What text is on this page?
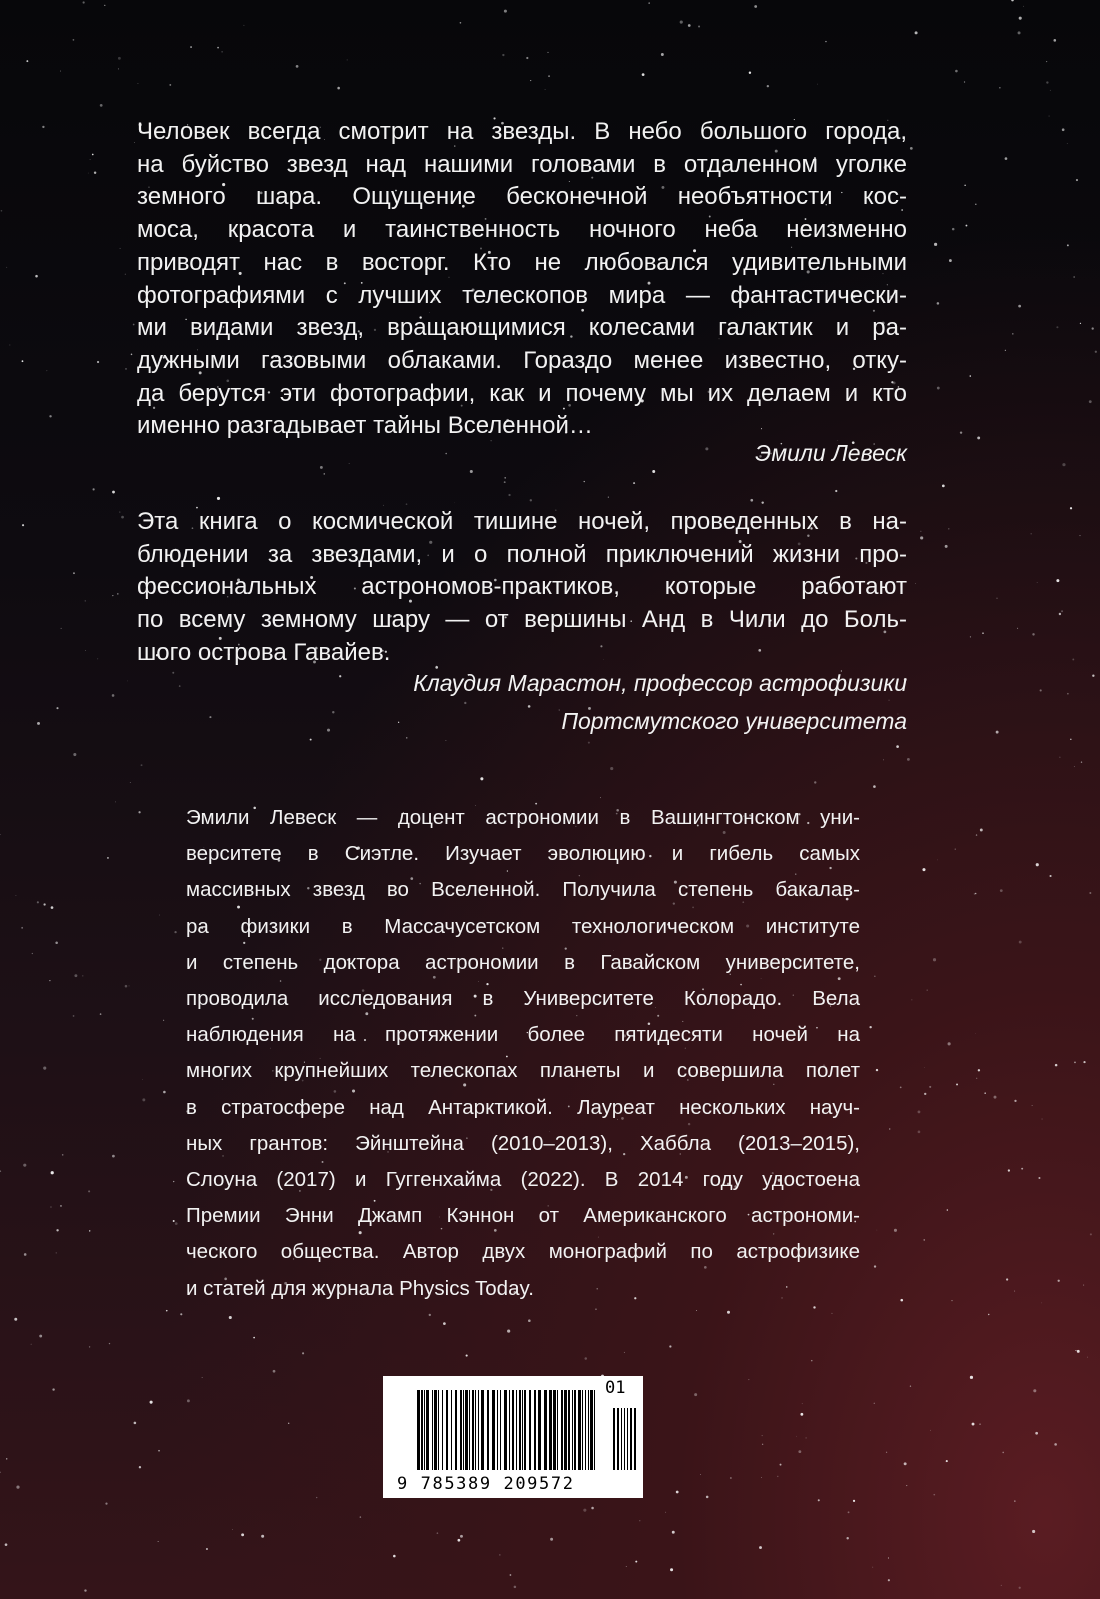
Человек всегда смотрит на звезды. В небо большого города,
на буйство звезд над нашими головами в отдаленном уголке
земного шара. Ощущение бесконечной необъятности кос-
моса, красота и таинственность ночного неба неизменно
приводят нас в восторг. Кто не любовался удивительными
фотографиями с лучших телескопов мира — фантастически-
ми видами звезд, вращающимися колесами галактик и ра-
дужными газовыми облаками. Гораздо менее известно, отку-
да берутся эти фотографии, как и почему мы их делаем и кто
именно разгадывает тайны Вселенной…
Эмили Левеск
Эта книга о космической тишине ночей, проведенных в на-
блюдении за звездами, и о полной приключений жизни про-
фессиональных астрономов-практиков, которые работают
по всему земному шару — от вершины Анд в Чили до Боль-
шого острова Гавайев.
Клаудия Марастон, профессор астрофизики
Портсмутского университета
Эмили Левеск — доцент астрономии в Вашингтонском уни-
верситете в Сиэтле. Изучает эволюцию и гибель самых
массивных звезд во Вселенной. Получила степень бакалав-
ра физики в Массачусетском технологическом институте
и степень доктора астрономии в Гавайском университете,
проводила исследования в Университете Колорадо. Вела
наблюдения на протяжении более пятидесяти ночей на
многих крупнейших телескопах планеты и совершила полет
в стратосфере над Антарктикой. Лауреат нескольких науч-
ных грантов: Эйнштейна (2010–2013), Хаббла (2013–2015),
Слоуна (2017) и Гуггенхайма (2022). В 2014 году удостоена
Премии Энни Джамп Кэннон от Американского астрономи-
ческого общества. Автор двух монографий по астрофизике
и статей для журнала Physics Today.
9 785389 209572
01
